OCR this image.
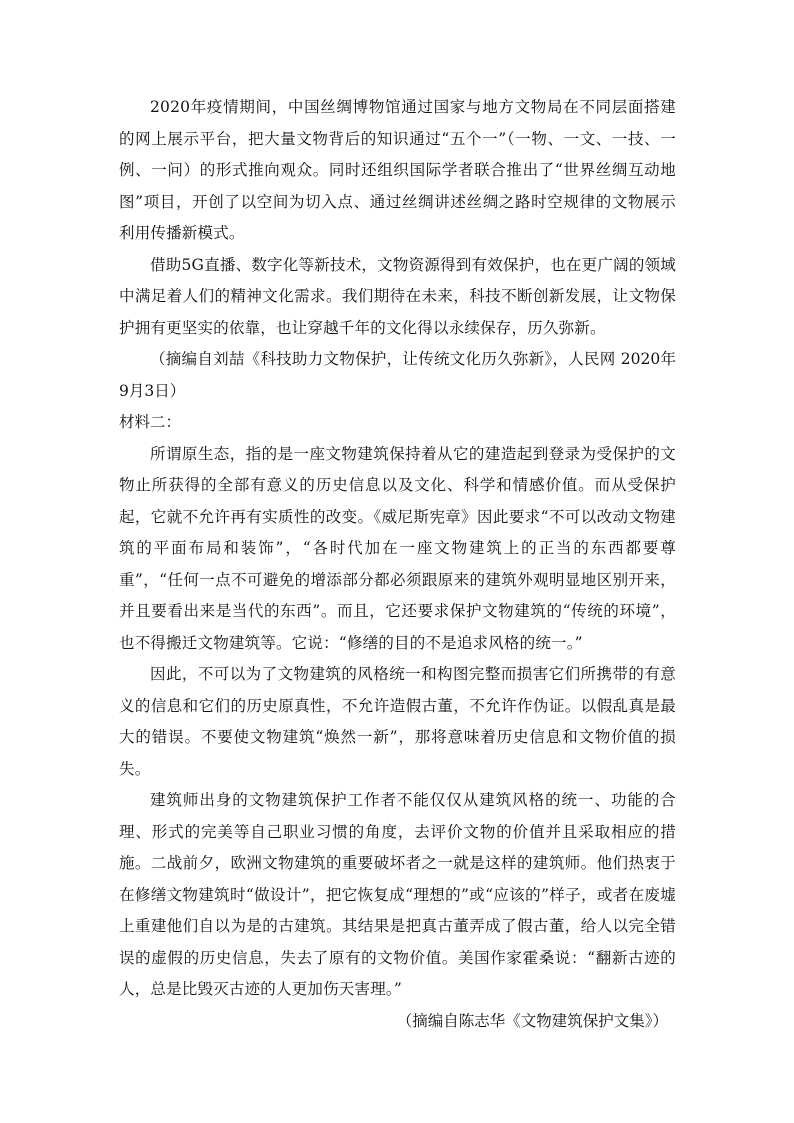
2020年疫情期间，中国丝绸博物馆通过国家与地方文物局在不同层面搭建的网上展示平台，把大量文物背后的知识通过“五个一”（一物、一文、一技、一例、一问）的形式推向观众。同时还组织国际学者联合推出了“世界丝绸互动地图”项目，开创了以空间为切入点、通过丝绸讲述丝绸之路时空规律的文物展示利用传播新模式。

借助5G直播、数字化等新技术，文物资源得到有效保护，也在更广阔的领域中满足着人们的精神文化需求。我们期待在未来，科技不断创新发展，让文物保护拥有更坚实的依靠，也让穿越千年的文化得以永续保存，历久弥新。

（摘编自刘喆《科技助力文物保护，让传统文化历久弥新》，人民网 2020年9月3日）

材料二：

所谓原生态，指的是一座文物建筑保持着从它的建造起到登录为受保护的文物止所获得的全部有意义的历史信息以及文化、科学和情感价值。而从受保护起，它就不允许再有实质性的改变。《威尼斯宪章》因此要求“不可以改动文物建筑的平面布局和装饰”，“各时代加在一座文物建筑上的正当的东西都要尊重”，“任何一点不可避免的增添部分都必须跟原来的建筑外观明显地区别开来，并且要看出来是当代的东西”。而且，它还要求保护文物建筑的“传统的环境”，也不得搬迁文物建筑等。它说：“修缮的目的不是追求风格的统一。”

因此，不可以为了文物建筑的风格统一和构图完整而损害它们所携带的有意义的信息和它们的历史原真性，不允许造假古董，不允许作伪证。以假乱真是最大的错误。不要使文物建筑“焕然一新”，那将意味着历史信息和文物价值的损失。

建筑师出身的文物建筑保护工作者不能仅仅从建筑风格的统一、功能的合理、形式的完美等自己职业习惯的角度，去评价文物的价值并且采取相应的措施。二战前夕，欧洲文物建筑的重要破坏者之一就是这样的建筑师。他们热衷于在修缮文物建筑时“做设计”，把它恢复成“理想的”或“应该的”样子，或者在废墟上重建他们自以为是的古建筑。其结果是把真古董弄成了假古董，给人以完全错误的虚假的历史信息，失去了原有的文物价值。美国作家霍桑说：“翻新古迹的人，总是比毁灭古迹的人更加伤天害理。”

（摘编自陈志华《文物建筑保护文集》）
